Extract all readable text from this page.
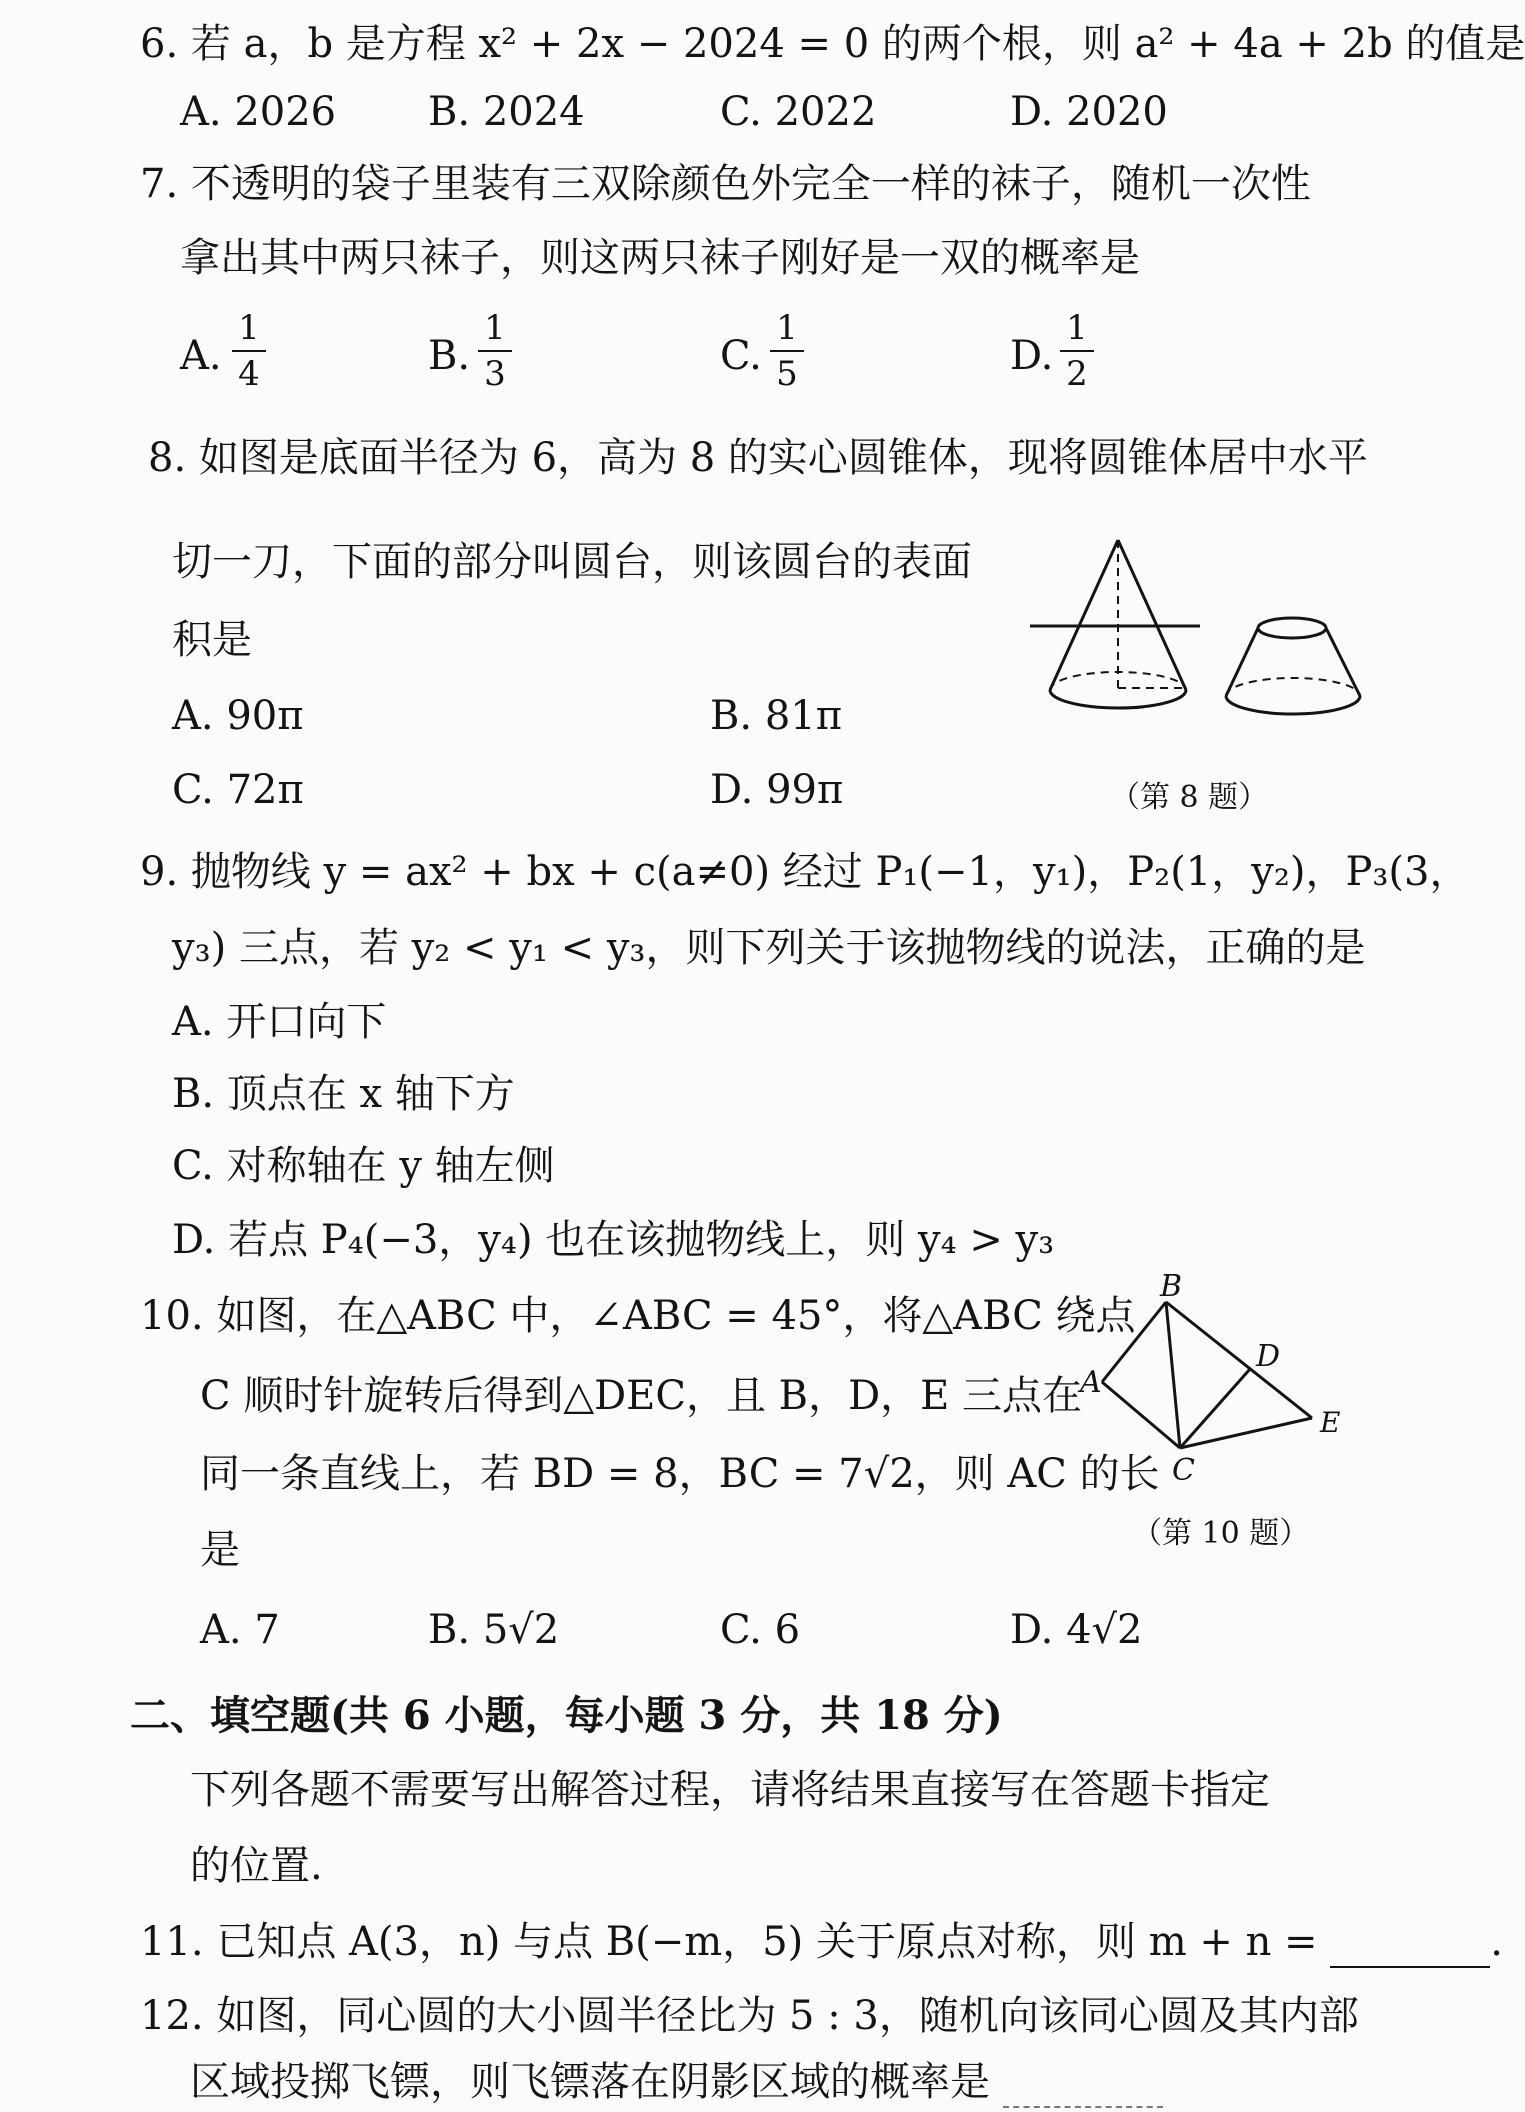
6. 若 a，b 是方程 x² + 2x − 2024 = 0 的两个根，则 a² + 4a + 2b 的值是
A. 2026 B. 2024	C. 2022	D. 2020
7. 不透明的袋子里装有三双除颜色外完全一样的袜子，随机一次性
拿出其中两只袜子，则这两只袜子刚好是一双的概率是
A.
1
4	B.
1
3	C.
1
5	D.
1
2
8. 如图是底面半径为 6，高为 8 的实心圆锥体，现将圆锥体居中水平
切一刀，下面的部分叫圆台，则该圆台的表面
积是
A. 90π	B. 81π
C. 72π	D. 99π	（第 8 题）
9. 抛物线 y = ax² + bx + c(a≠0) 经过 P₁(−1，y₁)，P₂(1，y₂)，P₃(3，
y₃) 三点，若 y₂ < y₁ < y₃，则下列关于该抛物线的说法，正确的是
A. 开口向下
B. 顶点在 x 轴下方
C. 对称轴在 y 轴左侧
D. 若点 P₄(−3，y₄) 也在该抛物线上，则 y₄ > y₃
10. 如图，在△ABC 中，∠ABC = 45°，将△ABC 绕点
C 顺时针旋转后得到△DEC，且 B，D，E 三点在
同一条直线上，若 BD = 8，BC = 7√2，则 AC 的长
是
A. 7	B. 5√2	C. 6	D. 4√2
B
A
D
E
C
（第 10 题）
二、填空题(共 6 小题，每小题 3 分，共 18 分)
下列各题不需要写出解答过程，请将结果直接写在答题卡指定
的位置.
11. 已知点 A(3，n) 与点 B(−m，5) 关于原点对称，则 m + n =	.
12. 如图，同心圆的大小圆半径比为 5 : 3，随机向该同心圆及其内部
区域投掷飞镖，则飞镖落在阴影区域的概率是
